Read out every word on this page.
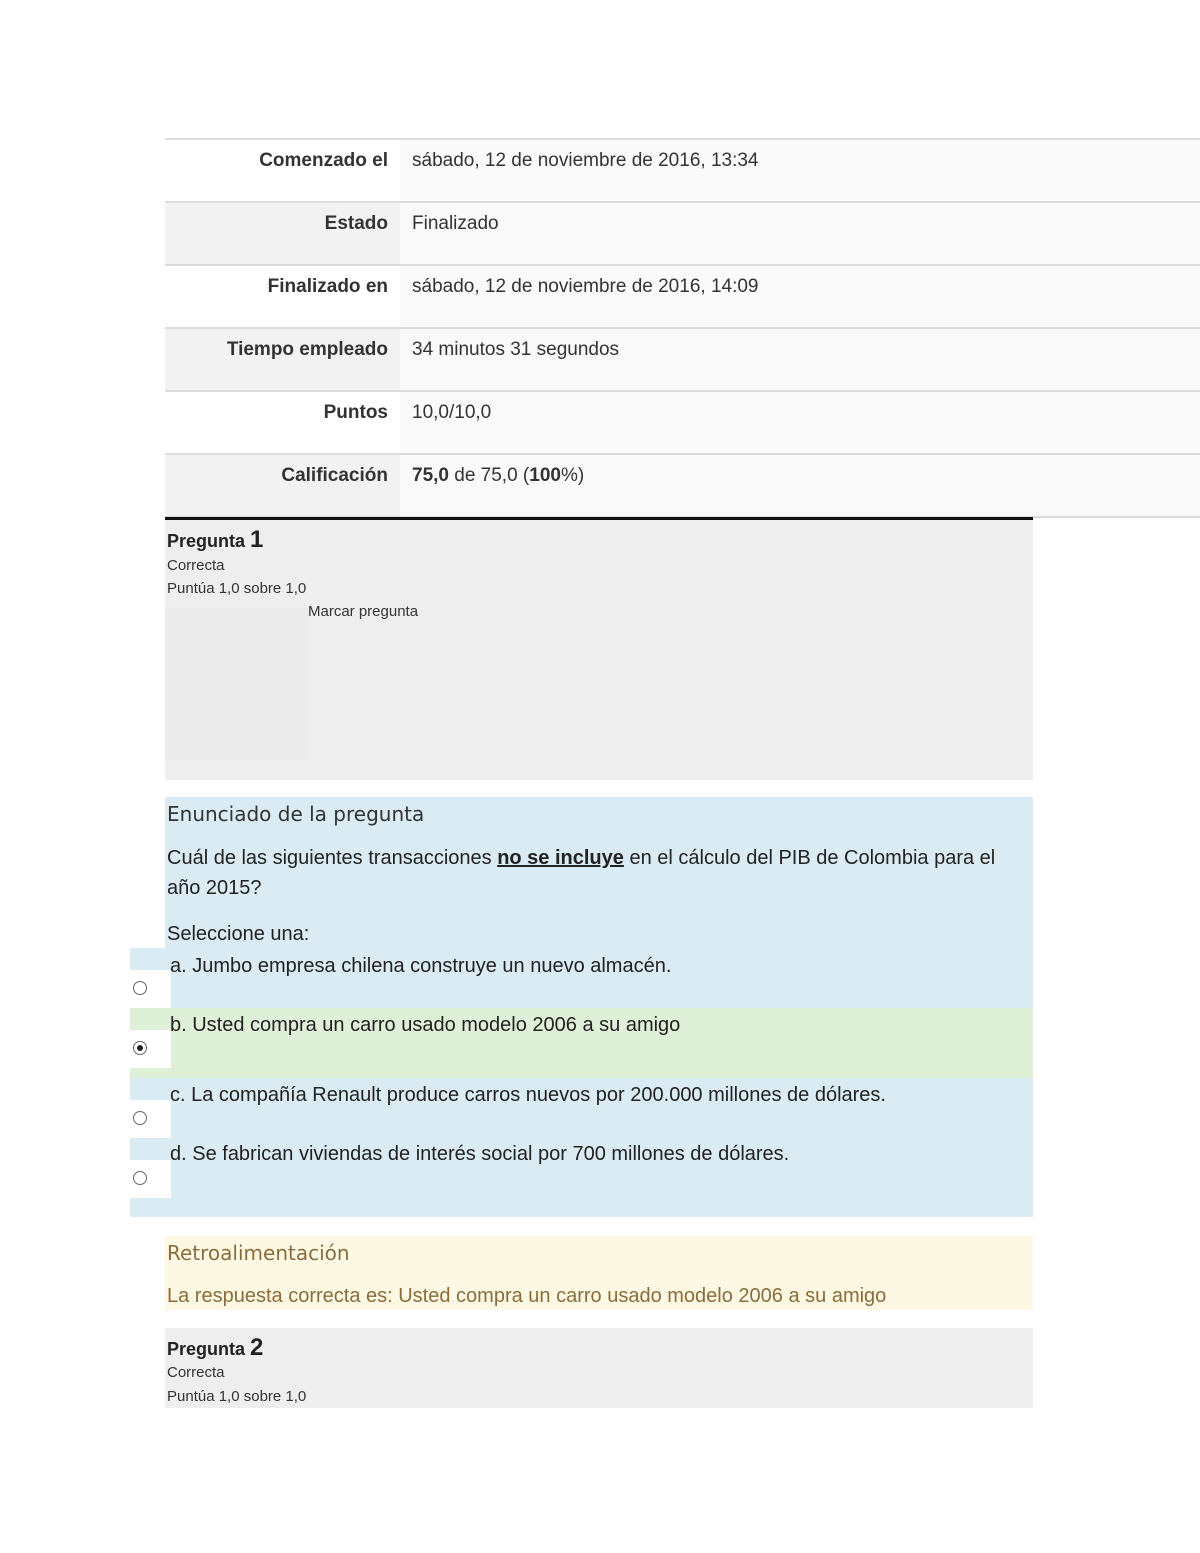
Comenzado el	sábado, 12 de noviembre de 2016, 13:34
Estado	Finalizado
Finalizado en	sábado, 12 de noviembre de 2016, 14:09
Tiempo empleado	34 minutos 31 segundos
Puntos	10,0/10,0
Calificación	75,0 de 75,0 (100%)
Pregunta 1
Correcta
Puntúa 1,0 sobre 1,0
Marcar pregunta
Enunciado de la pregunta
Cuál de las siguientes transacciones no se incluye en el cálculo del PIB de Colombia para el año 2015?
Seleccione una:
a. Jumbo empresa chilena construye un nuevo almacén.
b. Usted compra un carro usado modelo 2006 a su amigo
c. La compañía Renault produce carros nuevos por 200.000 millones de dólares.
d. Se fabrican viviendas de interés social por 700 millones de dólares.
Retroalimentación
La respuesta correcta es: Usted compra un carro usado modelo 2006 a su amigo
Pregunta 2
Correcta
Puntúa 1,0 sobre 1,0
